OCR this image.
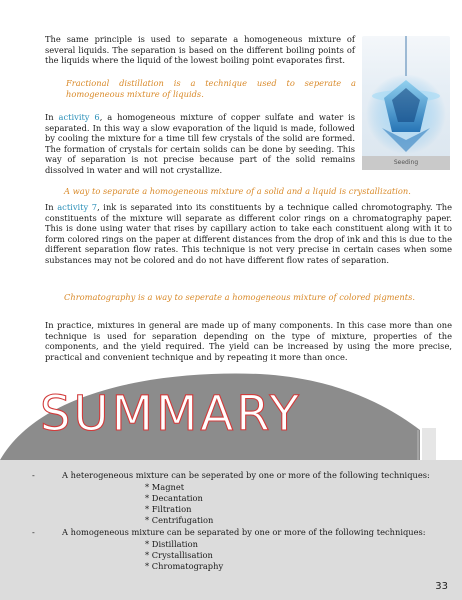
The same principle is used to separate a homogeneous mixture of several liquids. The separation is based on the different boiling points of the liquids where the liquid of the lowest boiling point evaporates first.
Fractional distillation is a technique used to seperate a homogeneous mixture of liquids.
In activity 6, a homogeneous mixture of copper sulfate and water is separated. In this way a slow evaporation of the liquid is made, followed by cooling the mixture for a time till few crystals of the solid are formed. The formation of crystals for certain solids can be done by seeding. This way of separation is not precise because part of the solid remains dissolved in water and will not crystallize.
Seeding
A way to separate a homogeneous mixture of a solid and a liquid is crystallization.
In activity 7, ink is separated into its constituents by a technique called chromotography. The constituents of the mixture will separate as different color rings on a chromatography paper. This is done using water that rises by capillary action to take each constituent along with it to form colored rings on the paper at different distances from the drop of ink and this is due to the different separation flow rates. This technique is not very precise in certain cases when some substances may not be colored and do not have different flow rates of separation.
Chromatography is a way to seperate a homogeneous mixture of colored pigments.
In practice, mixtures in general are made up of many components. In this case more than one technique is used for separation depending on the type of mixture, properties of the components, and the yield required. The yield can be increased by using the more precise, practical and convenient technique and by repeating it more than once.
SUMMARY
-	A heterogeneous mixture can be seperated by one or more of the following techniques:
* Magnet
* Decantation
* Filtration
* Centrifugation
-	A homogeneous mixture can be separated by one or more of the following techniques:
* Distillation
* Crystallisation
* Chromatography
33
